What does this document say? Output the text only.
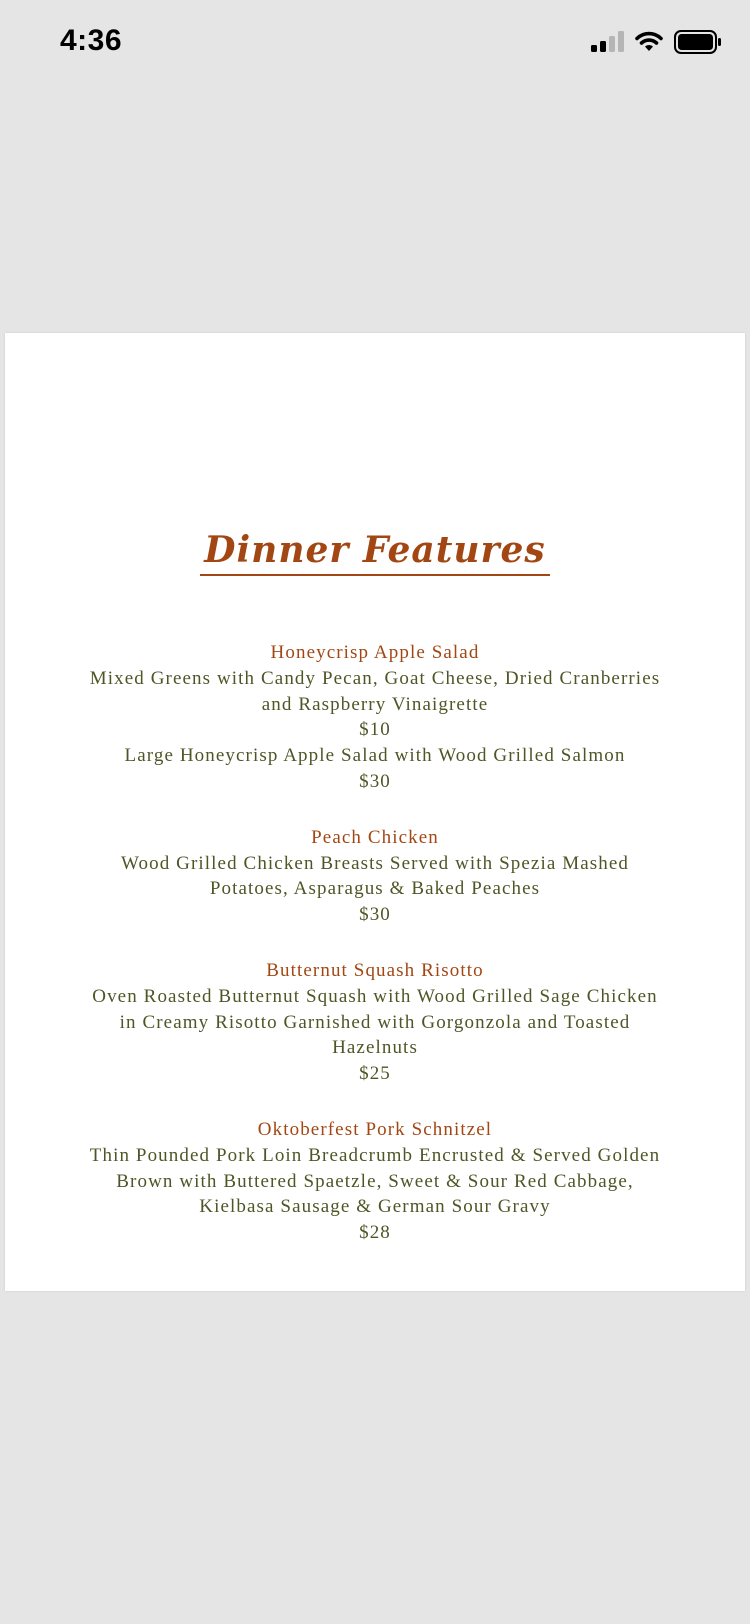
4:36
Dinner Features
Honeycrisp Apple Salad
Mixed Greens with Candy Pecan, Goat Cheese, Dried Cranberries
and Raspberry Vinaigrette
$10
Large Honeycrisp Apple Salad with Wood Grilled Salmon
$30
Peach Chicken
Wood Grilled Chicken Breasts Served with Spezia Mashed
Potatoes, Asparagus & Baked Peaches
$30
Butternut Squash Risotto
Oven Roasted Butternut Squash with Wood Grilled Sage Chicken
in Creamy Risotto Garnished with Gorgonzola and Toasted
Hazelnuts
$25
Oktoberfest Pork Schnitzel
Thin Pounded Pork Loin Breadcrumb Encrusted & Served Golden
Brown with Buttered Spaetzle, Sweet & Sour Red Cabbage,
Kielbasa Sausage & German Sour Gravy
$28
